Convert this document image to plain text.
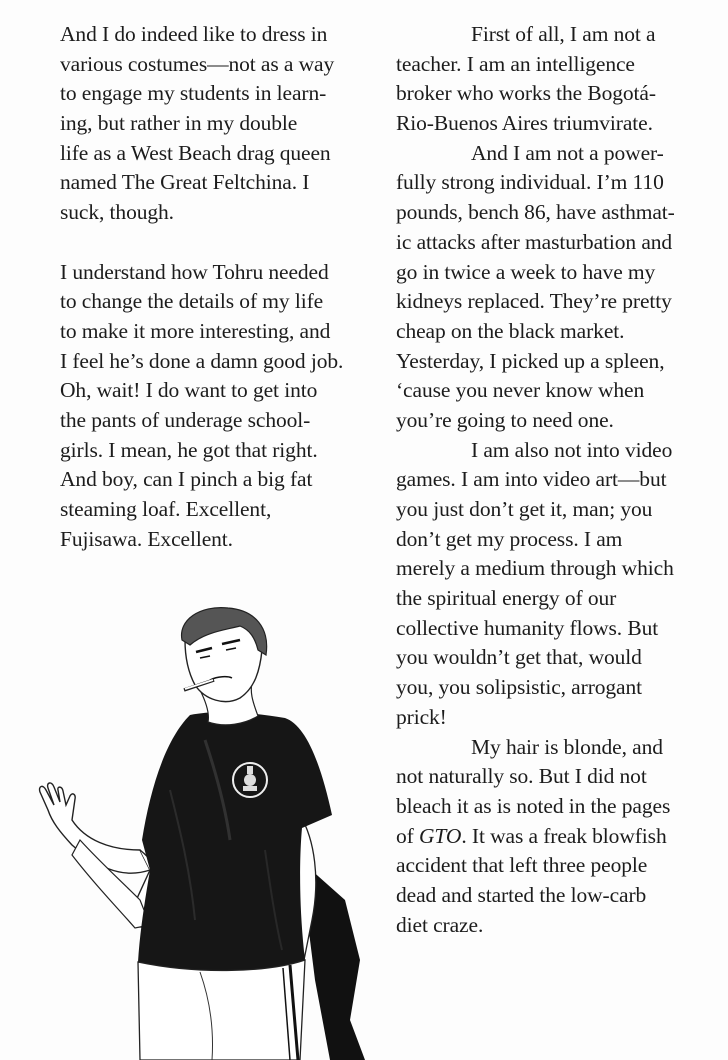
And I do indeed like to dress in
various costumes—not as a way
to engage my students in learn-
ing, but rather in my double
life as a West Beach drag queen
named The Great Feltchina. I
suck, though.
I understand how Tohru needed
to change the details of my life
to make it more interesting, and
I feel he’s done a damn good job.
Oh, wait! I do want to get into
the pants of underage school-
girls. I mean, he got that right.
And boy, can I pinch a big fat
steaming loaf. Excellent,
Fujisawa. Excellent.
First of all, I am not a
teacher. I am an intelligence
broker who works the Bogotá-
Rio-Buenos Aires triumvirate.
And I am not a power-
fully strong individual. I’m 110
pounds, bench 86, have asthmat-
ic attacks after masturbation and
go in twice a week to have my
kidneys replaced. They’re pretty
cheap on the black market.
Yesterday, I picked up a spleen,
‘cause you never know when
you’re going to need one.
I am also not into video
games. I am into video art—but
you just don’t get it, man; you
don’t get my process. I am
merely a medium through which
the spiritual energy of our
collective humanity flows. But
you wouldn’t get that, would
you, you solipsistic, arrogant
prick!
My hair is blonde, and
not naturally so. But I did not
bleach it as is noted in the pages
of GTO. It was a freak blowfish
accident that left three people
dead and started the low-carb
diet craze.
